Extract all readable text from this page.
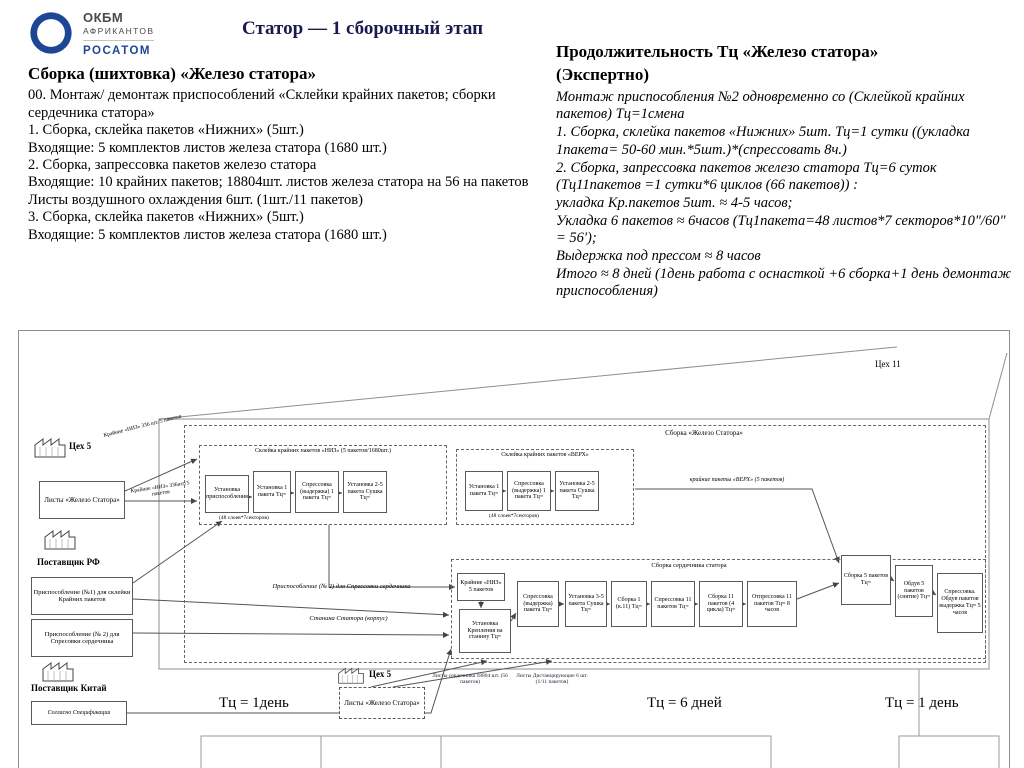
ОКБМ
АФРИКАНТОВ
РОСАТОМ
Статор — 1 сборочный этап
Сборка (шихтовка) «Железо статора»
00. Монтаж/ демонтаж приспособлений «Склейки крайних пакетов; сборки сердечника статора»
1. Сборка, склейка пакетов «Нижних» (5шт.)
Входящие: 5 комплектов листов железа статора (1680 шт.)
2. Сборка, запрессовка пакетов железо статора
Входящие: 10 крайних пакетов; 18804шт. листов железа статора на 56 на пакетов
Листы воздушного охлаждения 6шт. (1шт./11 пакетов)
3. Сборка, склейка пакетов «Нижних» (5шт.)
Входящие: 5 комплектов листов железа статора (1680 шт.)
Продолжительность Тц «Железо статора»
(Экспертно)
Монтаж приспособления №2 одновременно со (Склейкой крайних пакетов) Тц=1смена
1. Сборка, склейка пакетов «Нижних» 5шт. Тц=1 сутки ((укладка 1пакета= 50-60 мин.*5шт.)*(спрессовать 8ч.)
2. Сборка, запрессовка пакетов железо статора Тц=6 суток (Тц11пакетов =1 сутки*6 циклов (66 пакетов)) :
укладка Кр.пакетов 5шт. ≈ 4-5 часов;
Укладка 6 пакетов ≈ 6часов (Тц1пакета=48 листов*7 секторов*10"/60" = 56');
Выдержка под прессом ≈ 8 часов
Итого ≈ 8 дней (1день работа с оснасткой +6 сборка+1 день демонтаж приспособления)
Цех 11
Сборка «Железо Статора»
Склейка крайних пакетов «НИЗ» (5 пакетов/1680шт.)
Установка приспособления
Установка 1 пакета Тц=
Спрессовка (выдержка) 1 пакета Тц=
Установка 2-5 пакета Сушка Тц=
(48 слоев*7секторов)
Склейка крайних пакетов «ВЕРХ»
Установка 1 пакета Тц=
Спрессовка (выдержка) 1 пакета Тц=
Установка 2-5 пакета Сушка Тц=
(48 слоев*7секторов)
крайние пакеты «ВЕРХ» (5 пакетов)
Сборка сердечника статора
Крайние «НИЗ» 5 пакетов
Установка Крепления на станину Тц=
Спрессовка (выдержка) пакета Тц=
Установка 3-5 пакета Сушка Тц=
Сборка 1 (к.11) Тц=
Спрессовка 11 пакетов Тц=
Сборка 11 пакетов (4 цикла) Тц=
Отпрессовка 11 пакетов Тц≈ 8 часов
Сборка 5 пакетов Тц=	Обдув 5 пакетов (снятие) Тц=
Спрессовка. Обдув пакетов выдержка Тц≈ 5 часов
Цех 5
Листы «Железо Статора»
Крайние «НИЗ» 336 шт./5 пакетов
Крайние «НИЗ» 336шт./5 пакетов
Поставщик РФ
Приспособление (№1) для склейки Крайних пакетов
Приспособление (№ 2) для Спресовки сердечника
Поставщик Китай
Согласно Спецификации
Приспособление (№ 2) для Спрессовки сердечника
Станина Статора (корпус)
Цех 5
Листы «Железо Статора»
Листы сердечника 18804 шт. (56 пакетов)
Листы Дистанцирующие 6 шт. (1/11 пакетов)
Тц = 1день	Тц = 6 дней	Тц = 1 день
